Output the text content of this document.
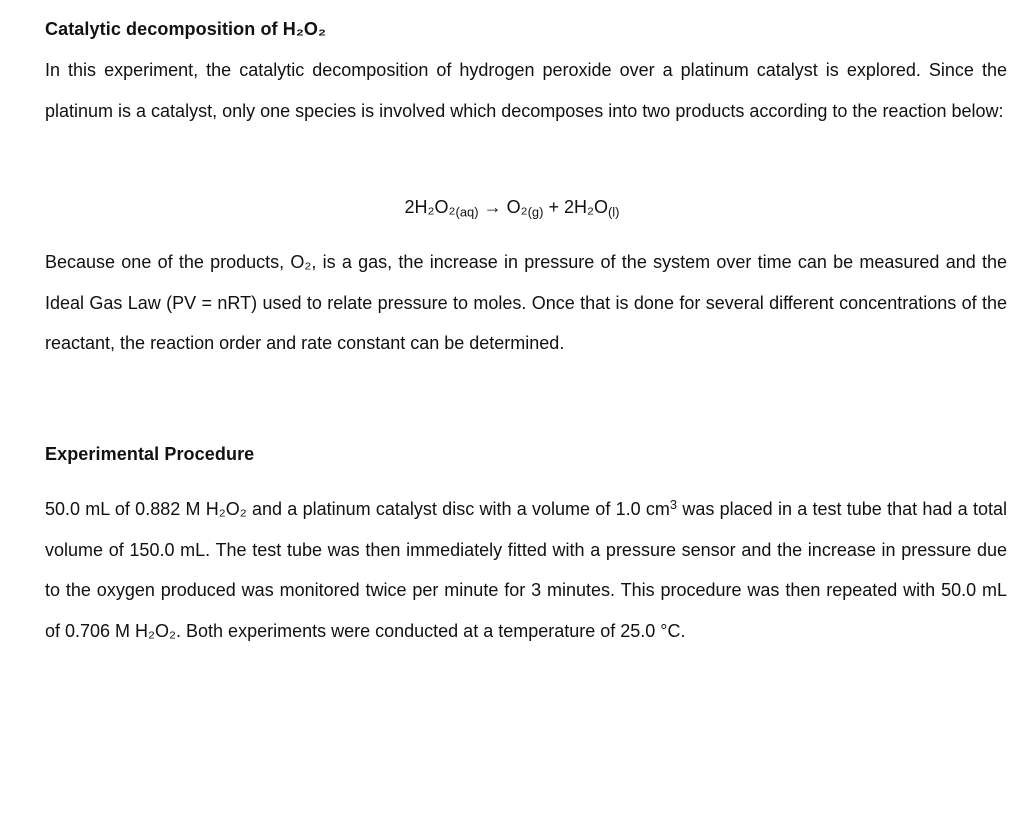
Catalytic decomposition of H₂O₂
In this experiment, the catalytic decomposition of hydrogen peroxide over a platinum catalyst is explored. Since the platinum is a catalyst, only one species is involved which decomposes into two products according to the reaction below:
$2H_2O_2_{(aq)} \to O_2_{(g)} + 2H_2O_{(l)}$
Because one of the products, O₂, is a gas, the increase in pressure of the system over time can be measured and the Ideal Gas Law (PV = nRT) used to relate pressure to moles. Once that is done for several different concentrations of the reactant, the reaction order and rate constant can be determined.
Experimental Procedure
50.0 mL of 0.882 M H₂O₂ and a platinum catalyst disc with a volume of 1.0 $cm^3$ was placed in a test tube that had a total volume of 150.0 mL. The test tube was then immediately fitted with a pressure sensor and the increase in pressure due to the oxygen produced was monitored twice per minute for 3 minutes. This procedure was then repeated with 50.0 mL of 0.706 M H₂O₂. Both experiments were conducted at a temperature of 25.0 °C.
